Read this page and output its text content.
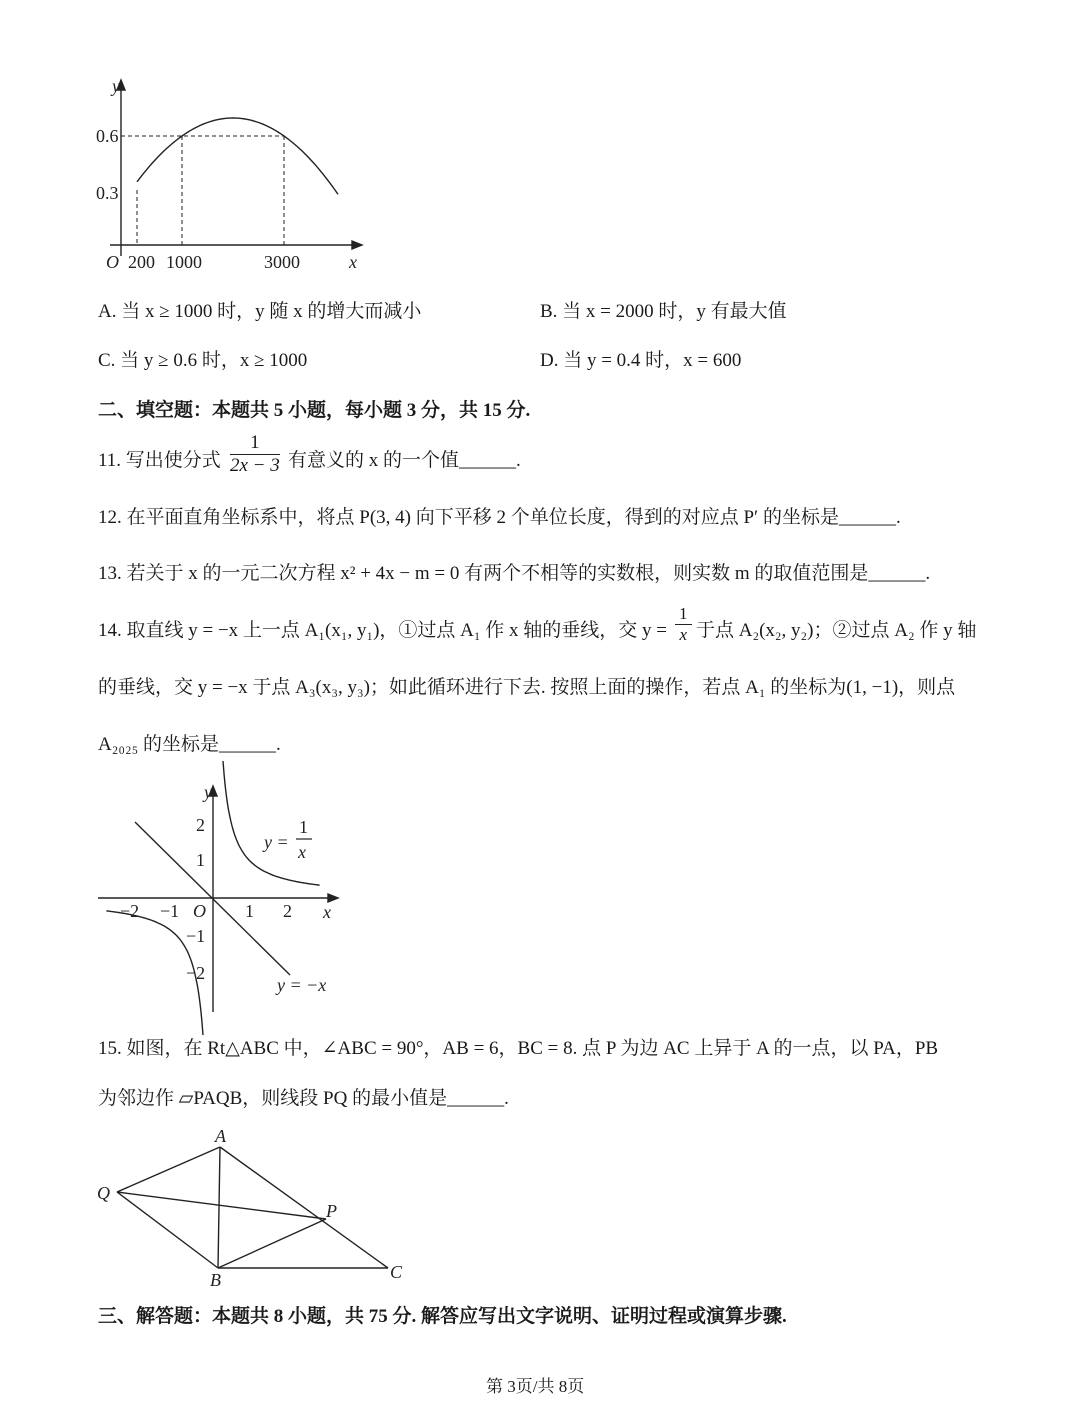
y
0.6
0.3
O 200 1000	3000	x
y
2
1
−1
−2
−2 −1 O 1 2 x
y =
1
x
y = −x
A
Q
P
B	C
A. 当 x ≥ 1000 时，y 随 x 的增大而减小	B. 当 x = 2000 时，y 有最大值
C. 当 y ≥ 0.6 时，x ≥ 1000	D. 当 y = 0.4 时，x = 600
二、填空题：本题共 5 小题，每小题 3 分，共 15 分.
11. 写出使分式 $\frac{1}{2x - 3}$ 有意义的 x 的一个值______.
12. 在平面直角坐标系中，将点 P(3, 4) 向下平移 2 个单位长度，得到的对应点 P′ 的坐标是______.
13. 若关于 x 的一元二次方程 x² + 4x − m = 0 有两个不相等的实数根，则实数 m 的取值范围是______.
14. 取直线 y = −x 上一点 A₁(x₁, y₁)，①过点 A₁ 作 x 轴的垂线，交 $y = \frac{1}{x}$ 于点 A₂(x₂, y₂)；②过点 A₂ 作 y 轴
的垂线，交 y = −x 于点 A₃(x₃, y₃)；如此循环进行下去. 按照上面的操作，若点 A₁ 的坐标为(1, −1)，则点
A₂₀₂₅ 的坐标是______.
15. 如图，在 Rt△ABC 中，∠ABC = 90°，AB = 6，BC = 8. 点 P 为边 AC 上异于 A 的一点，以 PA，PB
为邻边作 ▱PAQB，则线段 PQ 的最小值是______.
三、解答题：本题共 8 小题，共 75 分. 解答应写出文字说明、证明过程或演算步骤.
第 3页/共 8页
